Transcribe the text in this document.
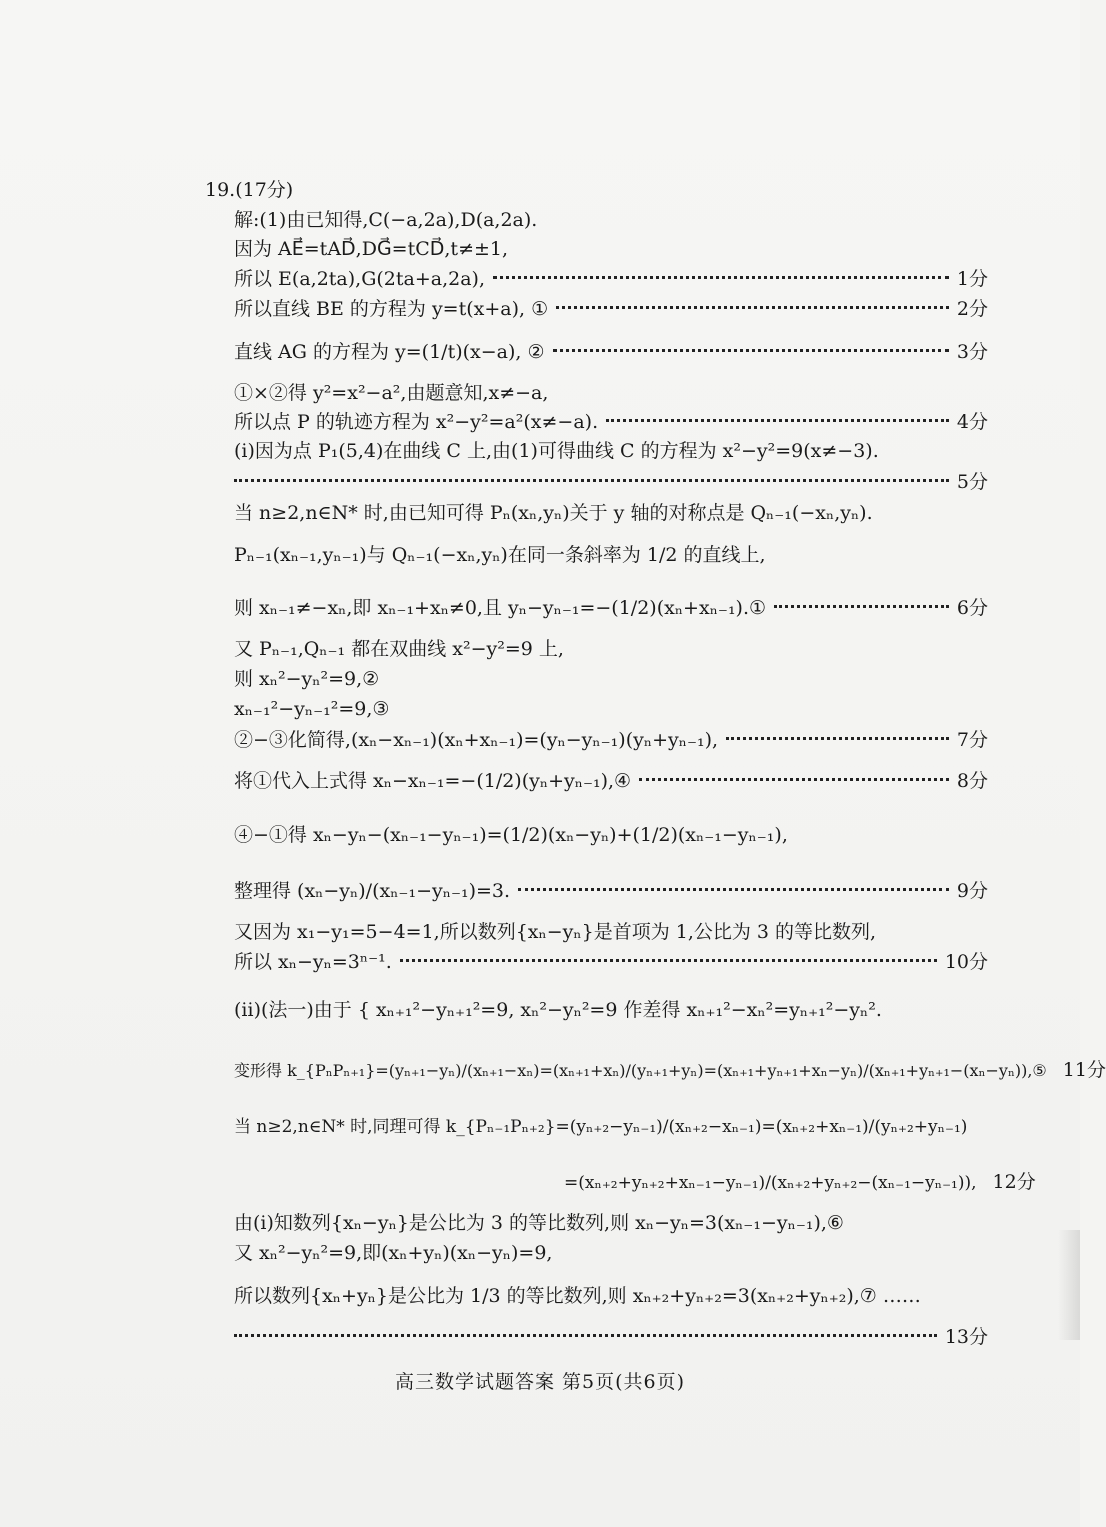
19.(17分)
解:(1)由已知得,C(−a,2a),D(a,2a).
因为 AE⃗=tAD⃗,DG⃗=tCD⃗,t≠±1,
所以 E(a,2ta),G(2ta+a,2a),	1分
所以直线 BE 的方程为 y=t(x+a), ①	2分
直线 AG 的方程为 y=(1/t)(x−a), ②	3分
①×②得 y²=x²−a²,由题意知,x≠−a,
所以点 P 的轨迹方程为 x²−y²=a²(x≠−a).	4分
(ⅰ)因为点 P₁(5,4)在曲线 C 上,由(1)可得曲线 C 的方程为 x²−y²=9(x≠−3).
5分
当 n≥2,n∈N* 时,由已知可得 Pₙ(xₙ,yₙ)关于 y 轴的对称点是 Qₙ₋₁(−xₙ,yₙ).
Pₙ₋₁(xₙ₋₁,yₙ₋₁)与 Qₙ₋₁(−xₙ,yₙ)在同一条斜率为 1/2 的直线上,
则 xₙ₋₁≠−xₙ,即 xₙ₋₁+xₙ≠0,且 yₙ−yₙ₋₁=−(1/2)(xₙ+xₙ₋₁).①	6分
又 Pₙ₋₁,Qₙ₋₁ 都在双曲线 x²−y²=9 上,
则 xₙ²−yₙ²=9,②
xₙ₋₁²−yₙ₋₁²=9,③
②−③化简得,(xₙ−xₙ₋₁)(xₙ+xₙ₋₁)=(yₙ−yₙ₋₁)(yₙ+yₙ₋₁),	7分
将①代入上式得 xₙ−xₙ₋₁=−(1/2)(yₙ+yₙ₋₁),④	8分
④−①得 xₙ−yₙ−(xₙ₋₁−yₙ₋₁)=(1/2)(xₙ−yₙ)+(1/2)(xₙ₋₁−yₙ₋₁),
整理得 (xₙ−yₙ)/(xₙ₋₁−yₙ₋₁)=3.	9分
又因为 x₁−y₁=5−4=1,所以数列{xₙ−yₙ}是首项为 1,公比为 3 的等比数列,
所以 xₙ−yₙ=3ⁿ⁻¹.	10分
(ⅱ)(法一)由于 { xₙ₊₁²−yₙ₊₁²=9, xₙ²−yₙ²=9 作差得 xₙ₊₁²−xₙ²=yₙ₊₁²−yₙ².
变形得 k_{PₙPₙ₊₁}=(yₙ₊₁−yₙ)/(xₙ₊₁−xₙ)=(xₙ₊₁+xₙ)/(yₙ₊₁+yₙ)=(xₙ₊₁+yₙ₊₁+xₙ−yₙ)/(xₙ₊₁+yₙ₊₁−(xₙ−yₙ)),⑤ 11分
当 n≥2,n∈N* 时,同理可得 k_{Pₙ₋₁Pₙ₊₂}=(yₙ₊₂−yₙ₋₁)/(xₙ₊₂−xₙ₋₁)=(xₙ₊₂+xₙ₋₁)/(yₙ₊₂+yₙ₋₁)
=(xₙ₊₂+yₙ₊₂+xₙ₋₁−yₙ₋₁)/(xₙ₊₂+yₙ₊₂−(xₙ₋₁−yₙ₋₁)), 12分
由(ⅰ)知数列{xₙ−yₙ}是公比为 3 的等比数列,则 xₙ−yₙ=3(xₙ₋₁−yₙ₋₁),⑥
又 xₙ²−yₙ²=9,即(xₙ+yₙ)(xₙ−yₙ)=9,
所以数列{xₙ+yₙ}是公比为 1/3 的等比数列,则 xₙ₊₂+yₙ₊₂=3(xₙ₊₂+yₙ₊₂),⑦ ……
13分
高三数学试题答案 第5页(共6页)
